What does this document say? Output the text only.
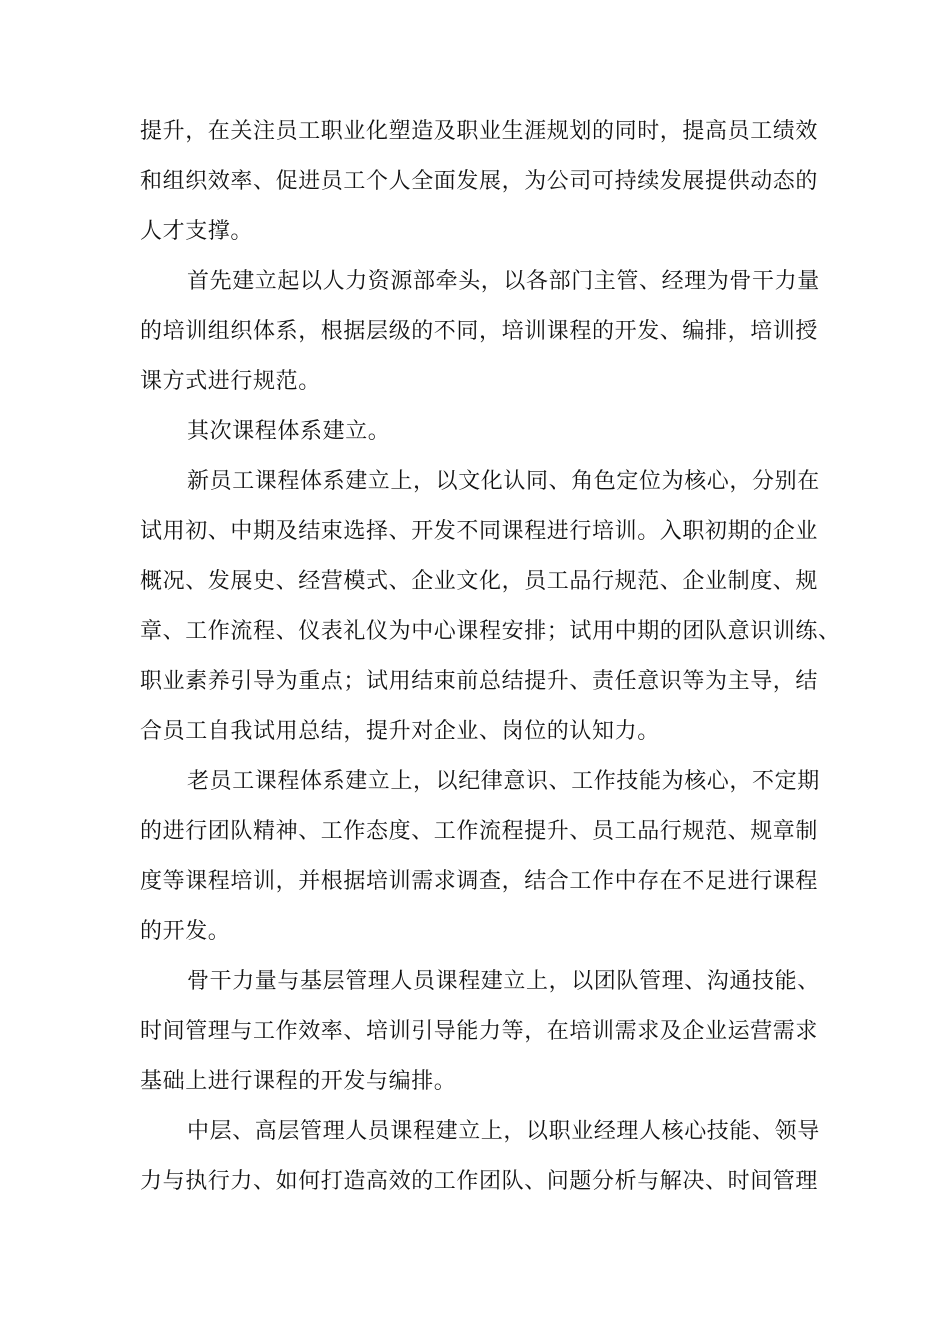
提升，在关注员工职业化塑造及职业生涯规划的同时，提高员工绩效
和组织效率、促进员工个人全面发展，为公司可持续发展提供动态的
人才支撑。
首先建立起以人力资源部牵头，以各部门主管、经理为骨干力量
的培训组织体系，根据层级的不同，培训课程的开发、编排，培训授
课方式进行规范。
其次课程体系建立。
新员工课程体系建立上，以文化认同、角色定位为核心，分别在
试用初、中期及结束选择、开发不同课程进行培训。入职初期的企业
概况、发展史、经营模式、企业文化，员工品行规范、企业制度、规
章、工作流程、仪表礼仪为中心课程安排；试用中期的团队意识训练、
职业素养引导为重点；试用结束前总结提升、责任意识等为主导，结
合员工自我试用总结，提升对企业、岗位的认知力。
老员工课程体系建立上，以纪律意识、工作技能为核心，不定期
的进行团队精神、工作态度、工作流程提升、员工品行规范、规章制
度等课程培训，并根据培训需求调查，结合工作中存在不足进行课程
的开发。
骨干力量与基层管理人员课程建立上，以团队管理、沟通技能、
时间管理与工作效率、培训引导能力等，在培训需求及企业运营需求
基础上进行课程的开发与编排。
中层、高层管理人员课程建立上，以职业经理人核心技能、领导
力与执行力、如何打造高效的工作团队、问题分析与解决、时间管理
